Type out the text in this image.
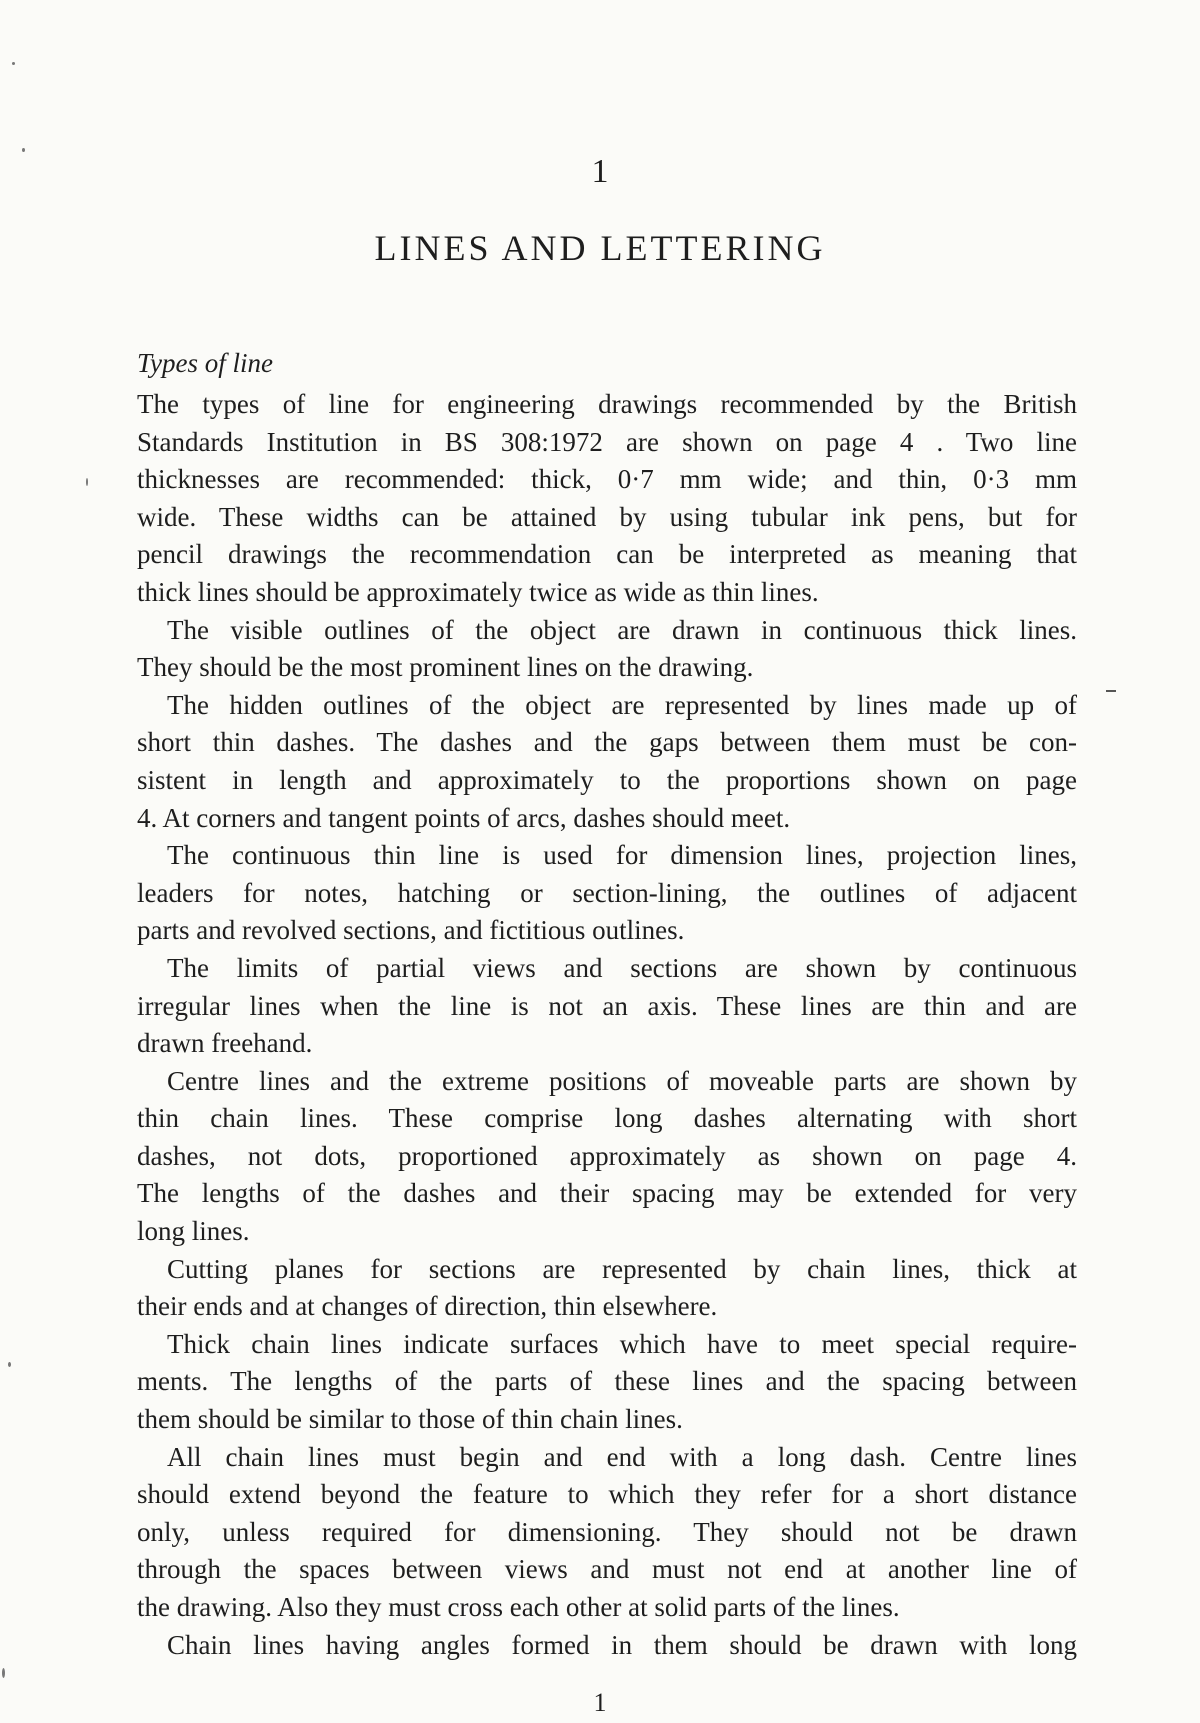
1
LINES AND LETTERING
Types of line
The types of line for engineering drawings recommended by the British
Standards Institution in BS 308:1972 are shown on page 4 . Two line
thicknesses are recommended: thick, 0·7 mm wide; and thin, 0·3 mm
wide. These widths can be attained by using tubular ink pens, but for
pencil drawings the recommendation can be interpreted as meaning that
thick lines should be approximately twice as wide as thin lines.
The visible outlines of the object are drawn in continuous thick lines.
They should be the most prominent lines on the drawing.
The hidden outlines of the object are represented by lines made up of
short thin dashes. The dashes and the gaps between them must be con-
sistent in length and approximately to the proportions shown on page
4. At corners and tangent points of arcs, dashes should meet.
The continuous thin line is used for dimension lines, projection lines,
leaders for notes, hatching or section-lining, the outlines of adjacent
parts and revolved sections, and fictitious outlines.
The limits of partial views and sections are shown by continuous
irregular lines when the line is not an axis. These lines are thin and are
drawn freehand.
Centre lines and the extreme positions of moveable parts are shown by
thin chain lines. These comprise long dashes alternating with short
dashes, not dots, proportioned approximately as shown on page 4.
The lengths of the dashes and their spacing may be extended for very
long lines.
Cutting planes for sections are represented by chain lines, thick at
their ends and at changes of direction, thin elsewhere.
Thick chain lines indicate surfaces which have to meet special require-
ments. The lengths of the parts of these lines and the spacing between
them should be similar to those of thin chain lines.
All chain lines must begin and end with a long dash. Centre lines
should extend beyond the feature to which they refer for a short distance
only, unless required for dimensioning. They should not be drawn
through the spaces between views and must not end at another line of
the drawing. Also they must cross each other at solid parts of the lines.
Chain lines having angles formed in them should be drawn with long
1
